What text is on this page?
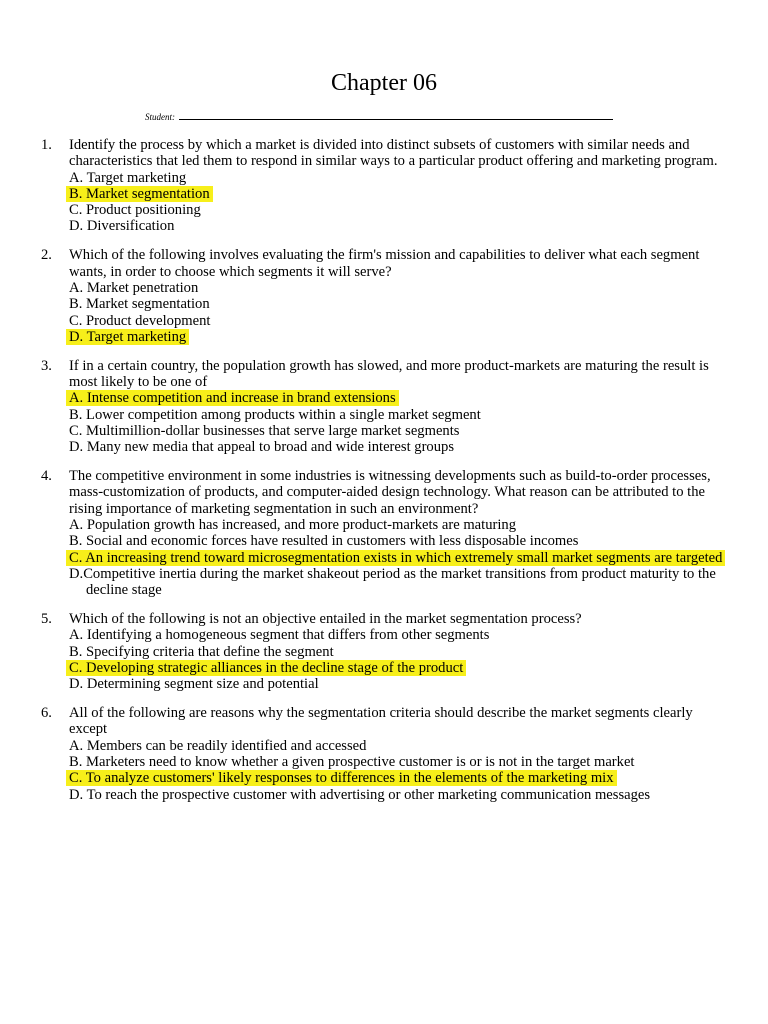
Chapter 06
Student:
1. Identify the process by which a market is divided into distinct subsets of customers with similar needs and characteristics that led them to respond in similar ways to a particular product offering and marketing program.
A. Target marketing
B. Market segmentation
C. Product positioning
D. Diversification
2. Which of the following involves evaluating the firm's mission and capabilities to deliver what each segment wants, in order to choose which segments it will serve?
A. Market penetration
B. Market segmentation
C. Product development
D. Target marketing
3. If in a certain country, the population growth has slowed, and more product-markets are maturing the result is most likely to be one of
A. Intense competition and increase in brand extensions
B. Lower competition among products within a single market segment
C. Multimillion-dollar businesses that serve large market segments
D. Many new media that appeal to broad and wide interest groups
4. The competitive environment in some industries is witnessing developments such as build-to-order processes, mass-customization of products, and computer-aided design technology. What reason can be attributed to the rising importance of marketing segmentation in such an environment?
A. Population growth has increased, and more product-markets are maturing
B. Social and economic forces have resulted in customers with less disposable incomes
C. An increasing trend toward microsegmentation exists in which extremely small market segments are targeted
D.Competitive inertia during the market shakeout period as the market transitions from product maturity to the decline stage
5. Which of the following is not an objective entailed in the market segmentation process?
A. Identifying a homogeneous segment that differs from other segments
B. Specifying criteria that define the segment
C. Developing strategic alliances in the decline stage of the product
D. Determining segment size and potential
6. All of the following are reasons why the segmentation criteria should describe the market segments clearly except
A. Members can be readily identified and accessed
B. Marketers need to know whether a given prospective customer is or is not in the target market
C. To analyze customers' likely responses to differences in the elements of the marketing mix
D. To reach the prospective customer with advertising or other marketing communication messages
